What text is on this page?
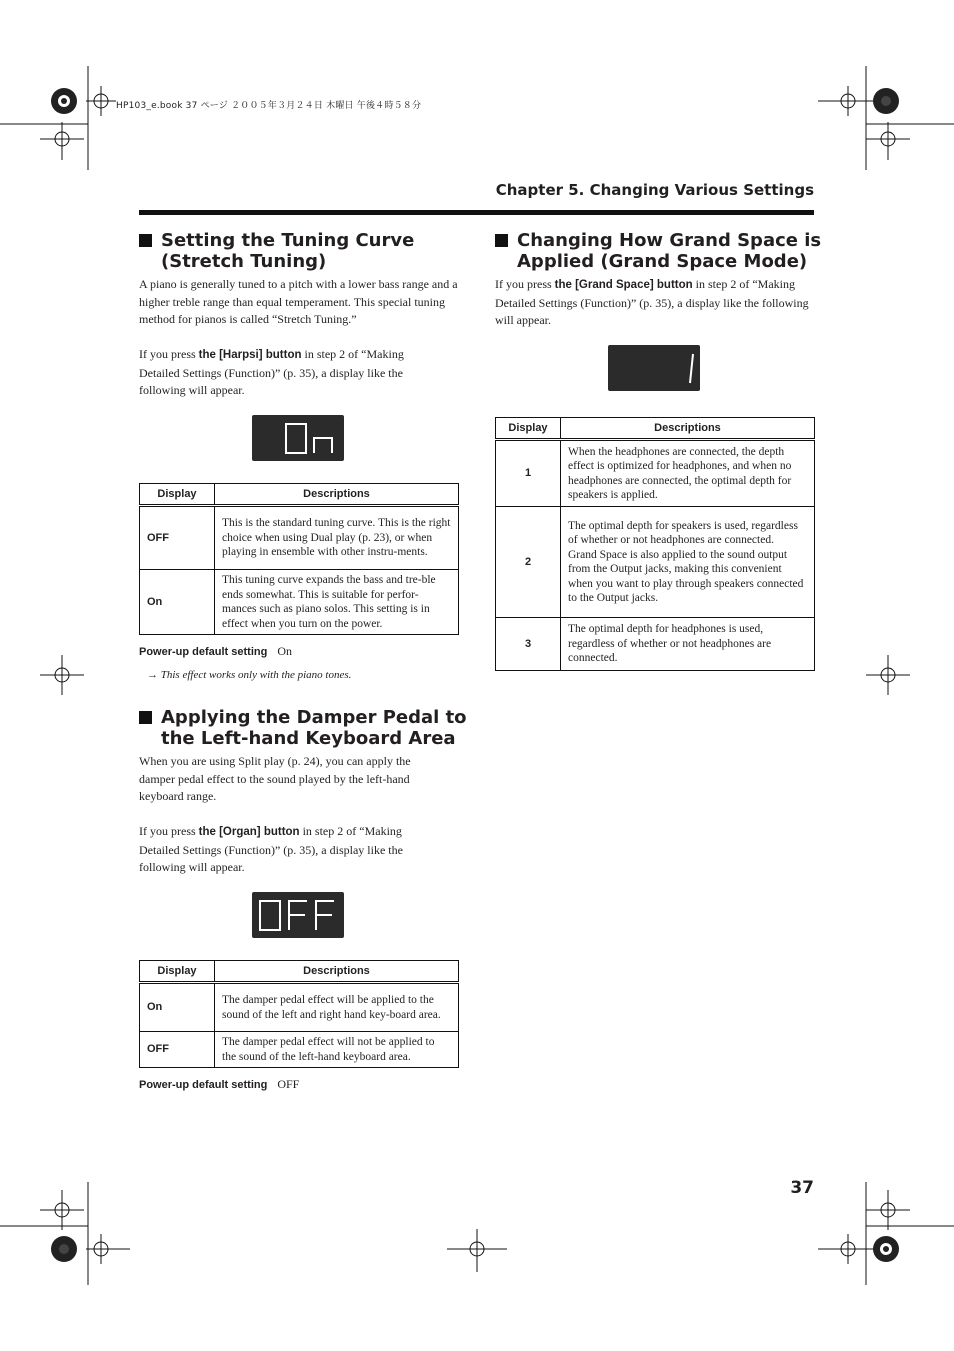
HP103_e.book 37 ページ ２００５年３月２４日 木曜日 午後４時５８分
Chapter 5. Changing Various Settings
Setting the Tuning Curve
(Stretch Tuning)
A piano is generally tuned to a pitch with a lower bass range and a higher treble range than equal temperament. This special tuning method for pianos is called “Stretch Tuning.”
If you press the [Harpsi] button in step 2 of “Making Detailed Settings (Function)” (p. 35), a display like the following will appear.
Display	Descriptions
OFF	This is the standard tuning curve. This is the right choice when using Dual play (p. 23), or when playing in ensemble with other instru-ments.
On	This tuning curve expands the bass and tre-ble ends somewhat. This is suitable for perfor-mances such as piano solos. This setting is in effect when you turn on the power.
Power-up default setting On
→ This effect works only with the piano tones.
Applying the Damper Pedal to
the Left-hand Keyboard Area
When you are using Split play (p. 24), you can apply the damper pedal effect to the sound played by the left-hand keyboard range.
If you press the [Organ] button in step 2 of “Making Detailed Settings (Function)” (p. 35), a display like the following will appear.
Display	Descriptions
On	The damper pedal effect will be applied to the sound of the left and right hand key-board area.
OFF	The damper pedal effect will not be applied to the sound of the left-hand keyboard area.
Power-up default setting OFF
Changing How Grand Space is
Applied (Grand Space Mode)
If you press the [Grand Space] button in step 2 of “Making Detailed Settings (Function)” (p. 35), a display like the following will appear.
Display	Descriptions
1	When the headphones are connected, the depth effect is optimized for headphones, and when no headphones are connected, the optimal depth for speakers is applied.
2	The optimal depth for speakers is used, regardless of whether or not headphones are connected.
Grand Space is also applied to the sound output from the Output jacks, making this convenient when you want to play through speakers connected to the Output jacks.
3	The optimal depth for headphones is used, regardless of whether or not headphones are connected.
37
